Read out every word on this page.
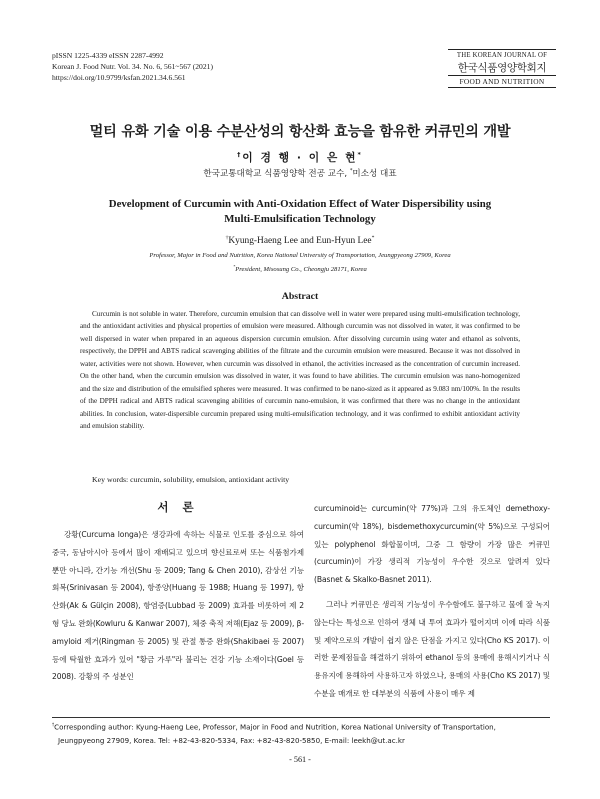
pISSN 1225-4339 eISSN 2287-4992
Korean J. Food Nutr. Vol. 34. No. 6, 561~567 (2021)
https://doi.org/10.9799/ksfan.2021.34.6.561
THE KOREAN JOURNAL OF
한국식품영양학회지
FOOD AND NUTRITION
멀티 유화 기술 이용 수분산성의 항산화 효능을 함유한 커큐민의 개발
†이 경 행 · 이 은 현*
한국교통대학교 식품영양학 전공 교수, *미소성 대표
Development of Curcumin with Anti-Oxidation Effect of Water Dispersibility using
Multi-Emulsification Technology
†Kyung-Haeng Lee and Eun-Hyun Lee*
Professor, Major in Food and Nutrition, Korea National University of Transportation, Jeungpyeong 27909, Korea
*President, Misosung Co., Cheongju 28171, Korea
Abstract
Curcumin is not soluble in water. Therefore, curcumin emulsion that can dissolve well in water were prepared using multi-emulsification technology, and the antioxidant activities and physical properties of emulsion were measured. Although curcumin was not dissolved in water, it was confirmed to be well dispersed in water when prepared in an aqueous dispersion curcumin emulsion. After dissolving curcumin using water and ethanol as solvents, respectively, the DPPH and ABTS radical scavenging abilities of the filtrate and the curcumin emulsion were measured. Because it was not dissolved in water, activities were not shown. However, when curcumin was dissolved in ethanol, the activities increased as the concentration of curcumin increased. On the other hand, when the curcumin emulsion was dissolved in water, it was found to have abilities. The curcumin emulsion was nano-homogenized and the size and distribution of the emulsified spheres were measured. It was confirmed to be nano-sized as it appeared as 9.083 nm/100%. In the results of the DPPH radical and ABTS radical scavenging abilities of curcumin nano-emulsion, it was confirmed that there was no change in the antioxidant abilities. In conclusion, water-dispersible curcumin prepared using multi-emulsification technology, and it was confirmed to exhibit antioxidant activity and emulsion stability.
Key words: curcumin, solubility, emulsion, antioxidant activity
서 론

강황(Curcuma longa)은 생강과에 속하는 식물로 인도를 중심으로 하여 중국, 동남아시아 등에서 많이 재배되고 있으며 향신료로써 또는 식품첨가제뿐만 아니라, 간기능 개선(Shu 등 2009; Tang & Chen 2010), 감상선 기능회복(Srinivasan 등 2004), 항종양(Huang 등 1988; Huang 등 1997), 항산화(Ak & Gülçin 2008), 항염증(Lubbad 등 2009) 효과를 비롯하여 제 2형 당뇨 완화(Kowluru & Kanwar 2007), 체중 축적 저해(Ejaz 등 2009), β-amyloid 제거(Ringman 등 2005) 및 관절 통증 완화(Shakibaei 등 2007) 등에 탁월한 효과가 있어 "황금 가루"라 불리는 건강 기능 소재이다(Goel 등 2008). 강황의 주 성분인

curcuminoid는 curcumin(약 77%)과 그의 유도체인 demethoxy-curcumin(약 18%), bisdemethoxycurcumin(약 5%)으로 구성되어있는 polyphenol 화합물이며, 그중 그 함량이 가장 많은 커큐민(curcumin)이 가장 생리적 기능성이 우수한 것으로 알려져 있다(Basnet & Skalko-Basnet 2011).

그러나 커큐민은 생리적 기능성이 우수함에도 불구하고 물에 잘 녹지 않는다는 특성으로 인하여 생체 내 투여 효과가 떨어지며 이에 따라 식품 및 제약으로의 개발이 쉽지 않은 단점을 가지고 있다(Cho KS 2017). 이러한 문제점들을 해결하기 위하여 ethanol 등의 용매에 용해시키거나 식용유지에 용해하여 사용하고자 하였으나, 용매의 사용(Cho KS 2017) 및 수분을 매개로 한 대부분의 식품에 사용이 매우 제

†Corresponding author: Kyung-Haeng Lee, Professor, Major in Food and Nutrition, Korea National University of Transportation,
Jeungpyeong 27909, Korea. Tel: +82-43-820-5334, Fax: +82-43-820-5850, E-mail: leekh@ut.ac.kr
- 561 -
